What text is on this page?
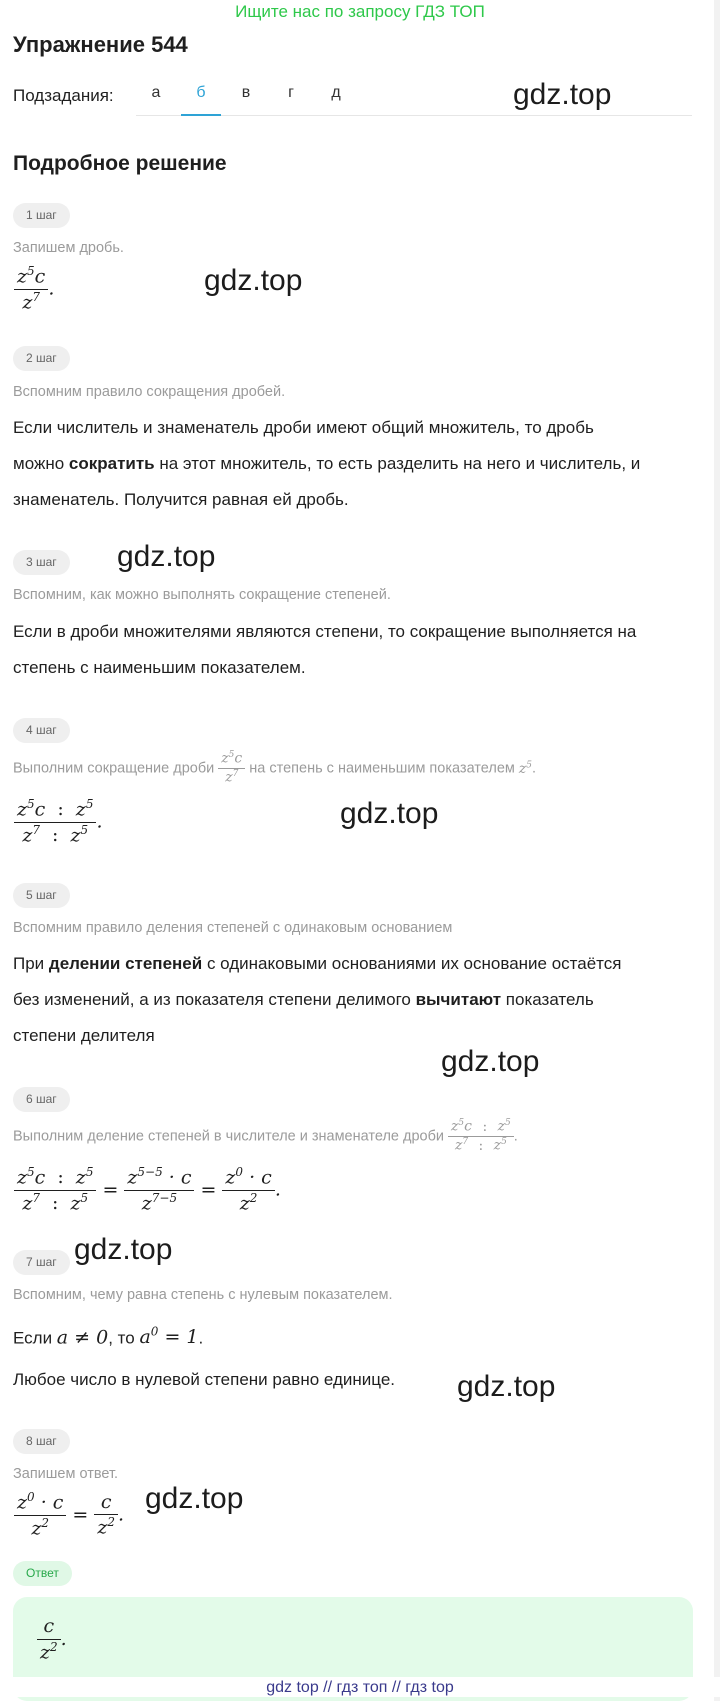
Ищите нас по запросу ГДЗ ТОП
Упражнение 544
Подзадания:	а	б	в	г	д	gdz.top
Подробное решение
1 шаг
Запишем дробь.
$\frac{z^5c}{z^7}$ .	gdz.top
2 шаг
Вспомним правило сокращения дробей.
Если числитель и знаменатель дроби имеют общий множитель, то дробь
можно сократить на этот множитель, то есть разделить на него и числитель, и
знаменатель. Получится равная ей дробь.
3 шаг	gdz.top
Вспомним, как можно выполнять сокращение степеней.
Если в дроби множителями являются степени, то сокращение выполняется на
степень с наименьшим показателем.
4 шаг
Выполним сокращение дроби $\frac{z^5c}{z^7}$ на степень с наименьшим показателем $z^5$.
$\frac{z^5c : z^5}{z^7 : z^5}$ .	gdz.top
5 шаг
Вспомним правило деления степеней с одинаковым основанием
При делении степеней с одинаковыми основаниями их основание остаётся
без изменений, а из показателя степени делимого вычитают показатель
степени делителя
gdz.top
6 шаг
Выполним деление степеней в числителе и знаменателе дроби $\frac{z^5c : z^5}{z^7 : z^5}$ .
$\frac{z^5c : z^5}{z^7 : z^5} = \frac{z^{5-5} \cdot c}{z^{7-5}} = \frac{z^0 \cdot c}{z^2}$ .
7 шаг gdz.top
Вспомним, чему равна степень с нулевым показателем.
Если a ≠ 0, то $a^0 = 1$.
Любое число в нулевой степени равно единице.	gdz.top
8 шаг
Запишем ответ.
$\frac{z^0 \cdot c}{z^2} = \frac{c}{z^2}$ . gdz.top
Ответ
$\frac{c}{z^2}$ .
gdz top // гдз топ // гдз top
